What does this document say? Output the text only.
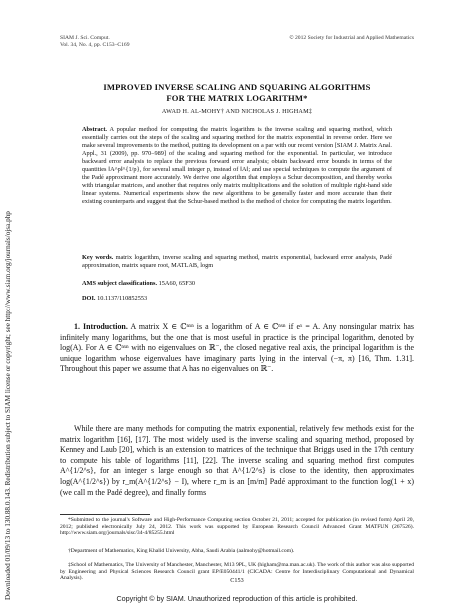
Downloaded 01/09/13 to 130.88.0.143. Redistribution subject to SIAM license or copyright; see http://www.siam.org/journals/ojsa.php
SIAM J. Sci. Comput.
Vol. 34, No. 4, pp. C153–C169
© 2012 Society for Industrial and Applied Mathematics
IMPROVED INVERSE SCALING AND SQUARING ALGORITHMS
FOR THE MATRIX LOGARITHM*
AWAD H. AL-MOHY† AND NICHOLAS J. HIGHAM‡
Abstract. A popular method for computing the matrix logarithm is the inverse scaling and squaring method, which essentially carries out the steps of the scaling and squaring method for the matrix exponential in reverse order. Here we make several improvements to the method, putting its development on a par with our recent version [SIAM J. Matrix Anal. Appl., 31 (2009), pp. 970–989] of the scaling and squaring method for the exponential. In particular, we introduce backward error analysis to replace the previous forward error analysis; obtain backward error bounds in terms of the quantities ‖A^p‖^{1/p}, for several small integer p, instead of ‖A‖; and use special techniques to compute the argument of the Padé approximant more accurately. We derive one algorithm that employs a Schur decomposition, and thereby works with triangular matrices, and another that requires only matrix multiplications and the solution of multiple right-hand side linear systems. Numerical experiments show the new algorithms to be generally faster and more accurate than their existing counterparts and suggest that the Schur-based method is the method of choice for computing the matrix logarithm.
Key words. matrix logarithm, inverse scaling and squaring method, matrix exponential, backward error analysis, Padé approximation, matrix square root, MATLAB, logm
AMS subject classifications. 15A60, 65F30
DOI. 10.1137/110852553
1. Introduction. A matrix X ∈ ℂⁿˣⁿ is a logarithm of A ∈ ℂⁿˣⁿ if eˣ = A. Any nonsingular matrix has infinitely many logarithms, but the one that is most useful in practice is the principal logarithm, denoted by log(A). For A ∈ ℂⁿˣⁿ with no eigenvalues on ℝ⁻, the closed negative real axis, the principal logarithm is the unique logarithm whose eigenvalues have imaginary parts lying in the interval (−π, π) [16, Thm. 1.31]. Throughout this paper we assume that A has no eigenvalues on ℝ⁻.
While there are many methods for computing the matrix exponential, relatively few methods exist for the matrix logarithm [16], [17]. The most widely used is the inverse scaling and squaring method, proposed by Kenney and Laub [20], which is an extension to matrices of the technique that Briggs used in the 17th century to compute his table of logarithms [11], [22]. The inverse scaling and squaring method first computes A^{1/2^s}, for an integer s large enough so that A^{1/2^s} is close to the identity, then approximates log(A^{1/2^s}) by r_m(A^{1/2^s} − I), where r_m is an [m/m] Padé approximant to the function log(1 + x) (we call m the Padé degree), and finally forms
*Submitted to the journal's Software and High-Performance Computing section October 21, 2011; accepted for publication (in revised form) April 20, 2012; published electronically July 24, 2012. This work was supported by European Research Council Advanced Grant MATFUN (267526). http://www.siam.org/journals/sisc/34-4/85255.html
†Department of Mathematics, King Khalid University, Abha, Saudi Arabia (aalmohy@hotmail.com).
‡School of Mathematics, The University of Manchester, Manchester, M13 9PL, UK (higham@ma.man.ac.uk). The work of this author was also supported by Engineering and Physical Sciences Research Council grant EP/E050441/1 (CICADA: Centre for Interdisciplinary Computational and Dynamical Analysis).	C153
Copyright © by SIAM. Unauthorized reproduction of this article is prohibited.
